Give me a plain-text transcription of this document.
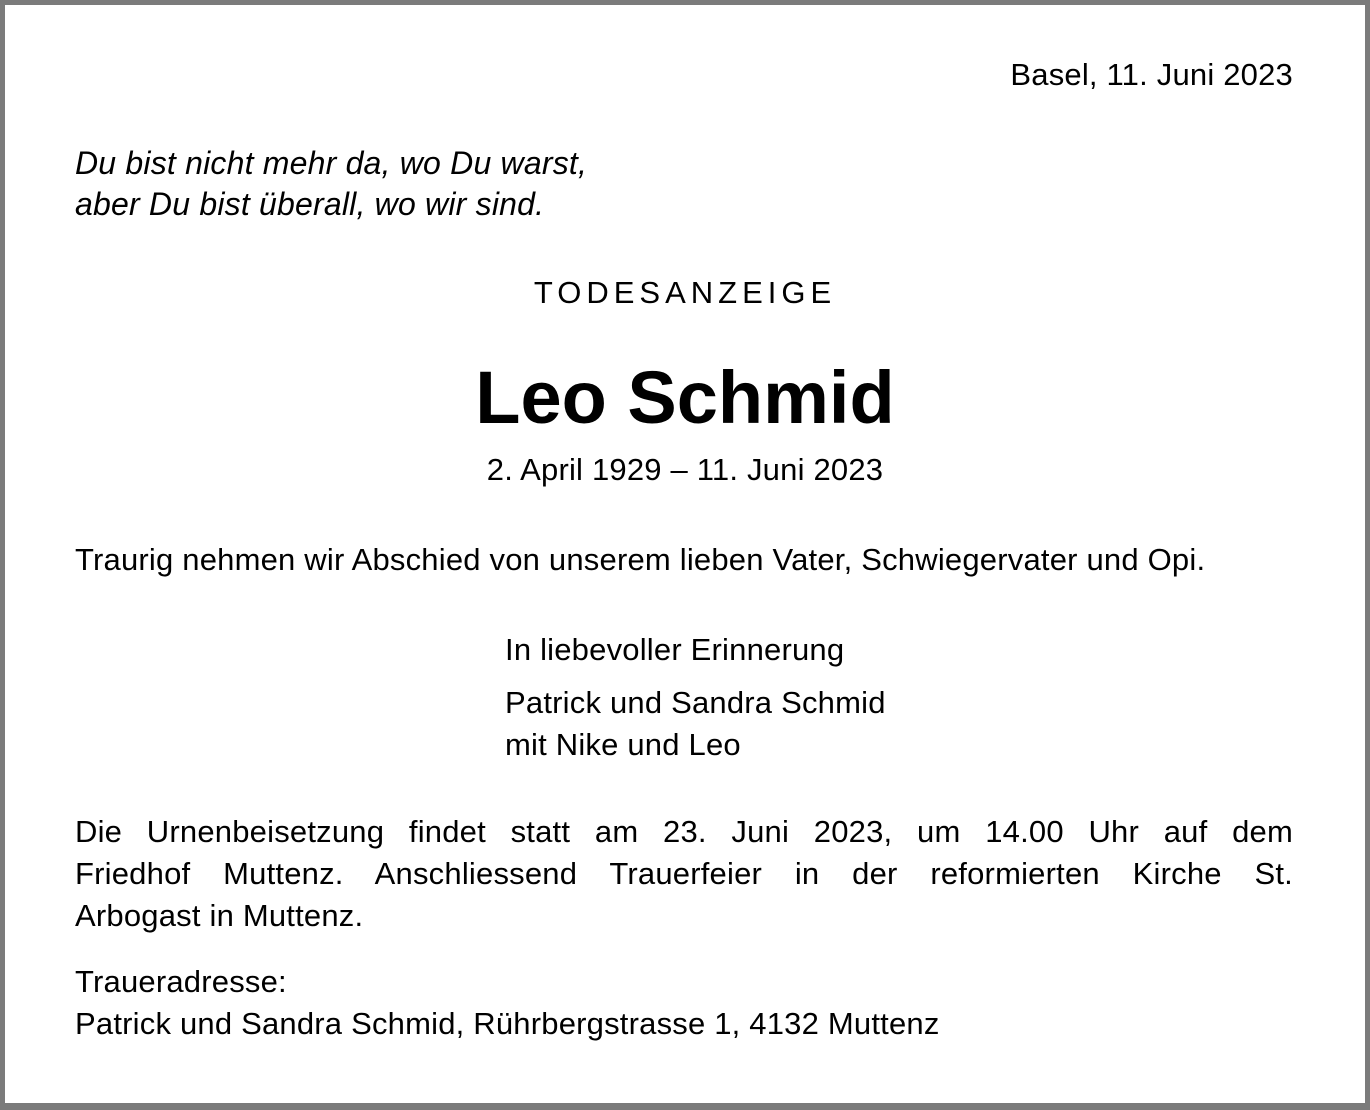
Basel, 11. Juni 2023
Du bist nicht mehr da, wo Du warst,
aber Du bist überall, wo wir sind.
TODESANZEIGE
Leo Schmid
2. April 1929 – 11. Juni 2023
Traurig nehmen wir Abschied von unserem lieben Vater, Schwiegervater und Opi.
In liebevoller Erinnerung
Patrick und Sandra Schmid
mit Nike und Leo
Die Urnenbeisetzung findet statt am 23. Juni 2023, um 14.00 Uhr auf dem
Friedhof Muttenz. Anschliessend Trauerfeier in der reformierten Kirche St.
Arbogast in Muttenz.
Traueradresse:
Patrick und Sandra Schmid, Rührbergstrasse 1, 4132 Muttenz
